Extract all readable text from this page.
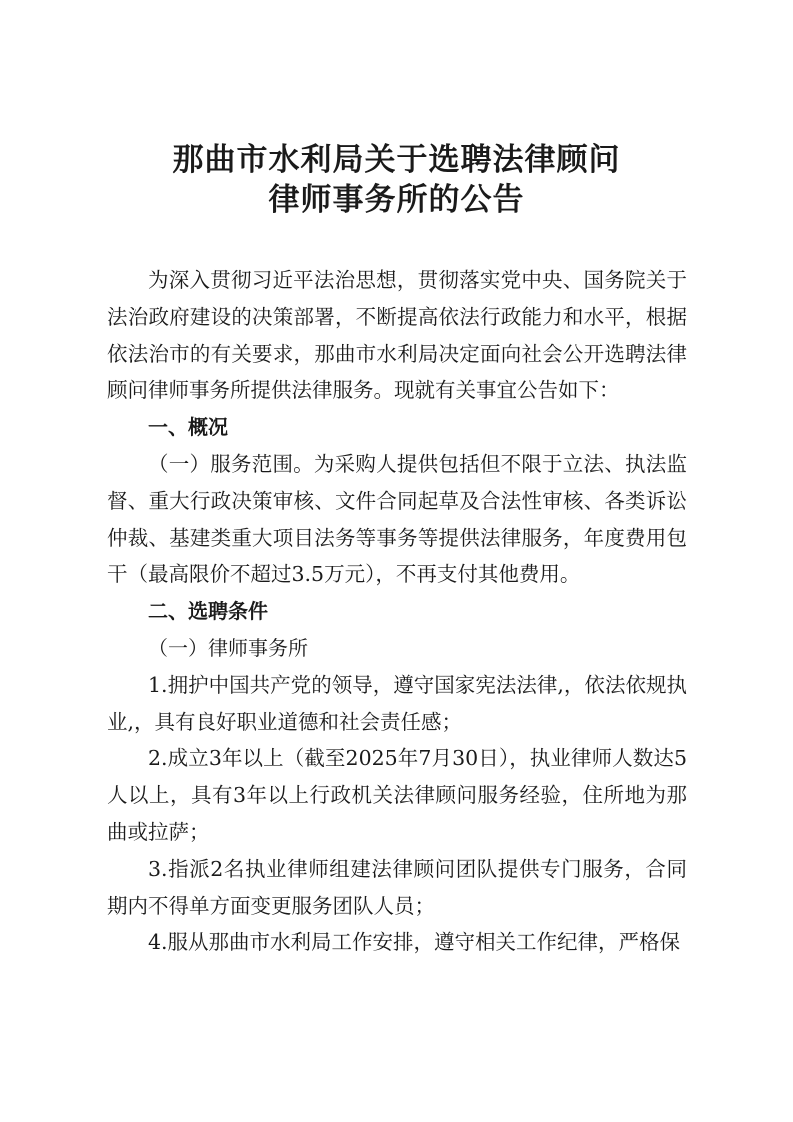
那曲市水利局关于选聘法律顾问
律师事务所的公告

为深入贯彻习近平法治思想，贯彻落实党中央、国务院关于法治政府建设的决策部署，不断提高依法行政能力和水平，根据依法治市的有关要求，那曲市水利局决定面向社会公开选聘法律顾问律师事务所提供法律服务。现就有关事宜公告如下：

一、概况

（一）服务范围。为采购人提供包括但不限于立法、执法监督、重大行政决策审核、文件合同起草及合法性审核、各类诉讼仲裁、基建类重大项目法务等事务等提供法律服务，年度费用包干（最高限价不超过3.5万元），不再支付其他费用。

二、选聘条件

（一）律师事务所

1.拥护中国共产党的领导，遵守国家宪法法律,，依法依规执业,，具有良好职业道德和社会责任感；

2.成立3年以上（截至2025年7月30日），执业律师人数达5人以上，具有3年以上行政机关法律顾问服务经验，住所地为那曲或拉萨；

3.指派2名执业律师组建法律顾问团队提供专门服务，合同期内不得单方面变更服务团队人员；

4.服从那曲市水利局工作安排，遵守相关工作纪律，严格保
